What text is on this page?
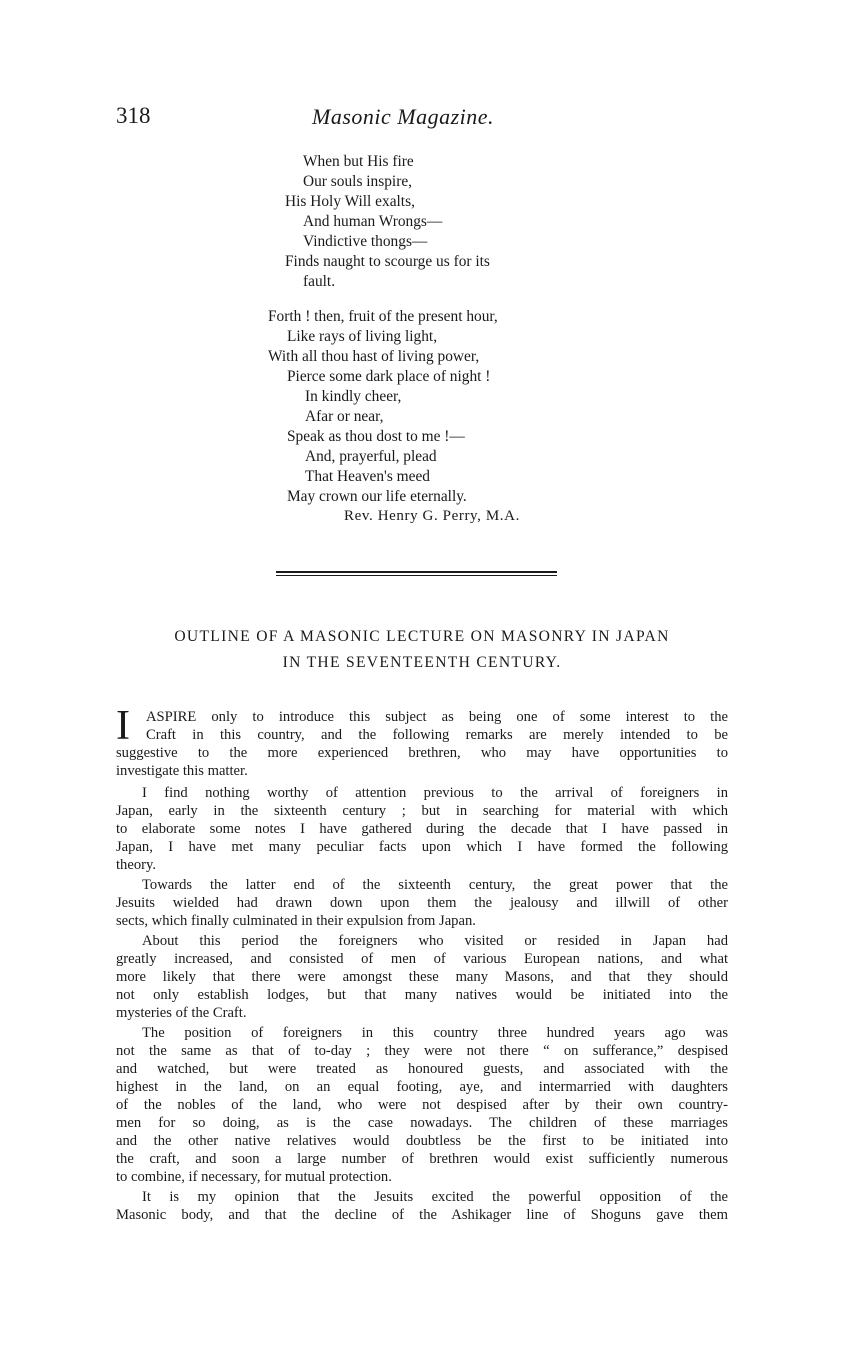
318	Masonic Magazine.
When but His fire
Our souls inspire,
His Holy Will exalts,
And human Wrongs—
Vindictive thongs—
Finds naught to scourge us for its
fault.
Forth ! then, fruit of the present hour,
Like rays of living light,
With all thou hast of living power,
Pierce some dark place of night !
In kindly cheer,
Afar or near,
Speak as thou dost to me !—
And, prayerful, plead
That Heaven's meed
May crown our life eternally.
Rev. Henry G. Perry, M.A.
OUTLINE OF A MASONIC LECTURE ON MASONRY IN JAPAN
IN THE SEVENTEENTH CENTURY.
I	ASPIRE only to introduce this subject as being one of some interest to the
Craft in this country, and the following remarks are merely intended to be
suggestive to the more experienced brethren, who may have opportunities to
investigate this matter.
I find nothing worthy of attention previous to the arrival of foreigners in
Japan, early in the sixteenth century ; but in searching for material with which
to elaborate some notes I have gathered during the decade that I have passed in
Japan, I have met many peculiar facts upon which I have formed the following
theory.
Towards the latter end of the sixteenth century, the great power that the
Jesuits wielded had drawn down upon them the jealousy and illwill of other
sects, which finally culminated in their expulsion from Japan.
About this period the foreigners who visited or resided in Japan had
greatly increased, and consisted of men of various European nations, and what
more likely that there were amongst these many Masons, and that they should
not only establish lodges, but that many natives would be initiated into the
mysteries of the Craft.
The position of foreigners in this country three hundred years ago was
not the same as that of to-day ; they were not there “ on sufferance,” despised
and watched, but were treated as honoured guests, and associated with the
highest in the land, on an equal footing, aye, and intermarried with daughters
of the nobles of the land, who were not despised after by their own country-
men for so doing, as is the case nowadays. The children of these marriages
and the other native relatives would doubtless be the first to be initiated into
the craft, and soon a large number of brethren would exist sufficiently numerous
to combine, if necessary, for mutual protection.
It is my opinion that the Jesuits excited the powerful opposition of the
Masonic body, and that the decline of the Ashikager line of Shoguns gave them
